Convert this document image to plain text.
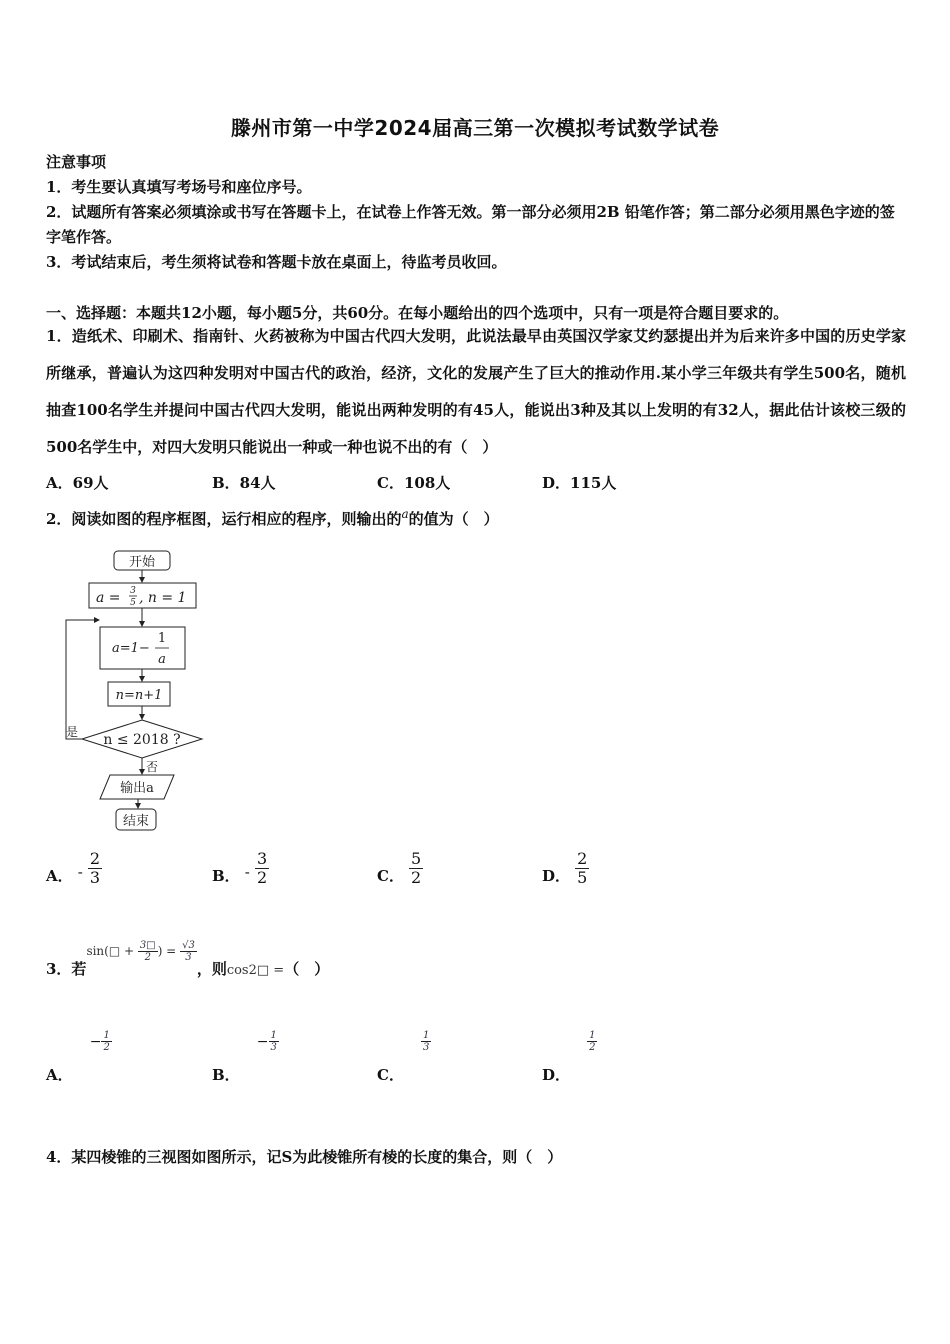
滕州市第一中学2024届高三第一次模拟考试数学试卷
注意事项
1．考生要认真填写考场号和座位序号。
2．试题所有答案必须填涂或书写在答题卡上，在试卷上作答无效。第一部分必须用2B 铅笔作答；第二部分必须用黑色字迹的签字笔作答。
3．考试结束后，考生须将试卷和答题卡放在桌面上，待监考员收回。
一、选择题：本题共12小题，每小题5分，共60分。在每小题给出的四个选项中，只有一项是符合题目要求的。
1．造纸术、印刷术、指南针、火药被称为中国古代四大发明，此说法最早由英国汉学家艾约瑟提出并为后来许多中国的历史学家所继承，普遍认为这四种发明对中国古代的政治，经济，文化的发展产生了巨大的推动作用.某小学三年级共有学生500名，随机抽查100名学生并提问中国古代四大发明，能说出两种发明的有45人，能说出3种及其以上发明的有32人，据此估计该校三级的500名学生中，对四大发明只能说出一种或一种也说不出的有（　）
A．69人	B．84人	C．108人	D．115人
2．阅读如图的程序框图，运行相应的程序，则输出的$^a$的值为（　）
开始
a = 3
5 , n = 1
a=1−
1
a
n=n+1
n ≤ 2018 ?
是
否
输出a
结束
A． - $\frac{2}{3}$	B． - $\frac{3}{2}$	C． $\frac{5}{2}$	D． $\frac{2}{5}$
3．若$^{sin(□ + \frac{3□}{2} ) = \frac{√3}{3}}$
，则$_{cos2□ =}$（　）
A． − $\frac{1}{2}$
B． − $\frac{1}{3}$
C．
$\frac{1}{3}$
D．
$\frac{1}{2}$
4．某四棱锥的三视图如图所示，记S为此棱锥所有棱的长度的集合，则（　）
